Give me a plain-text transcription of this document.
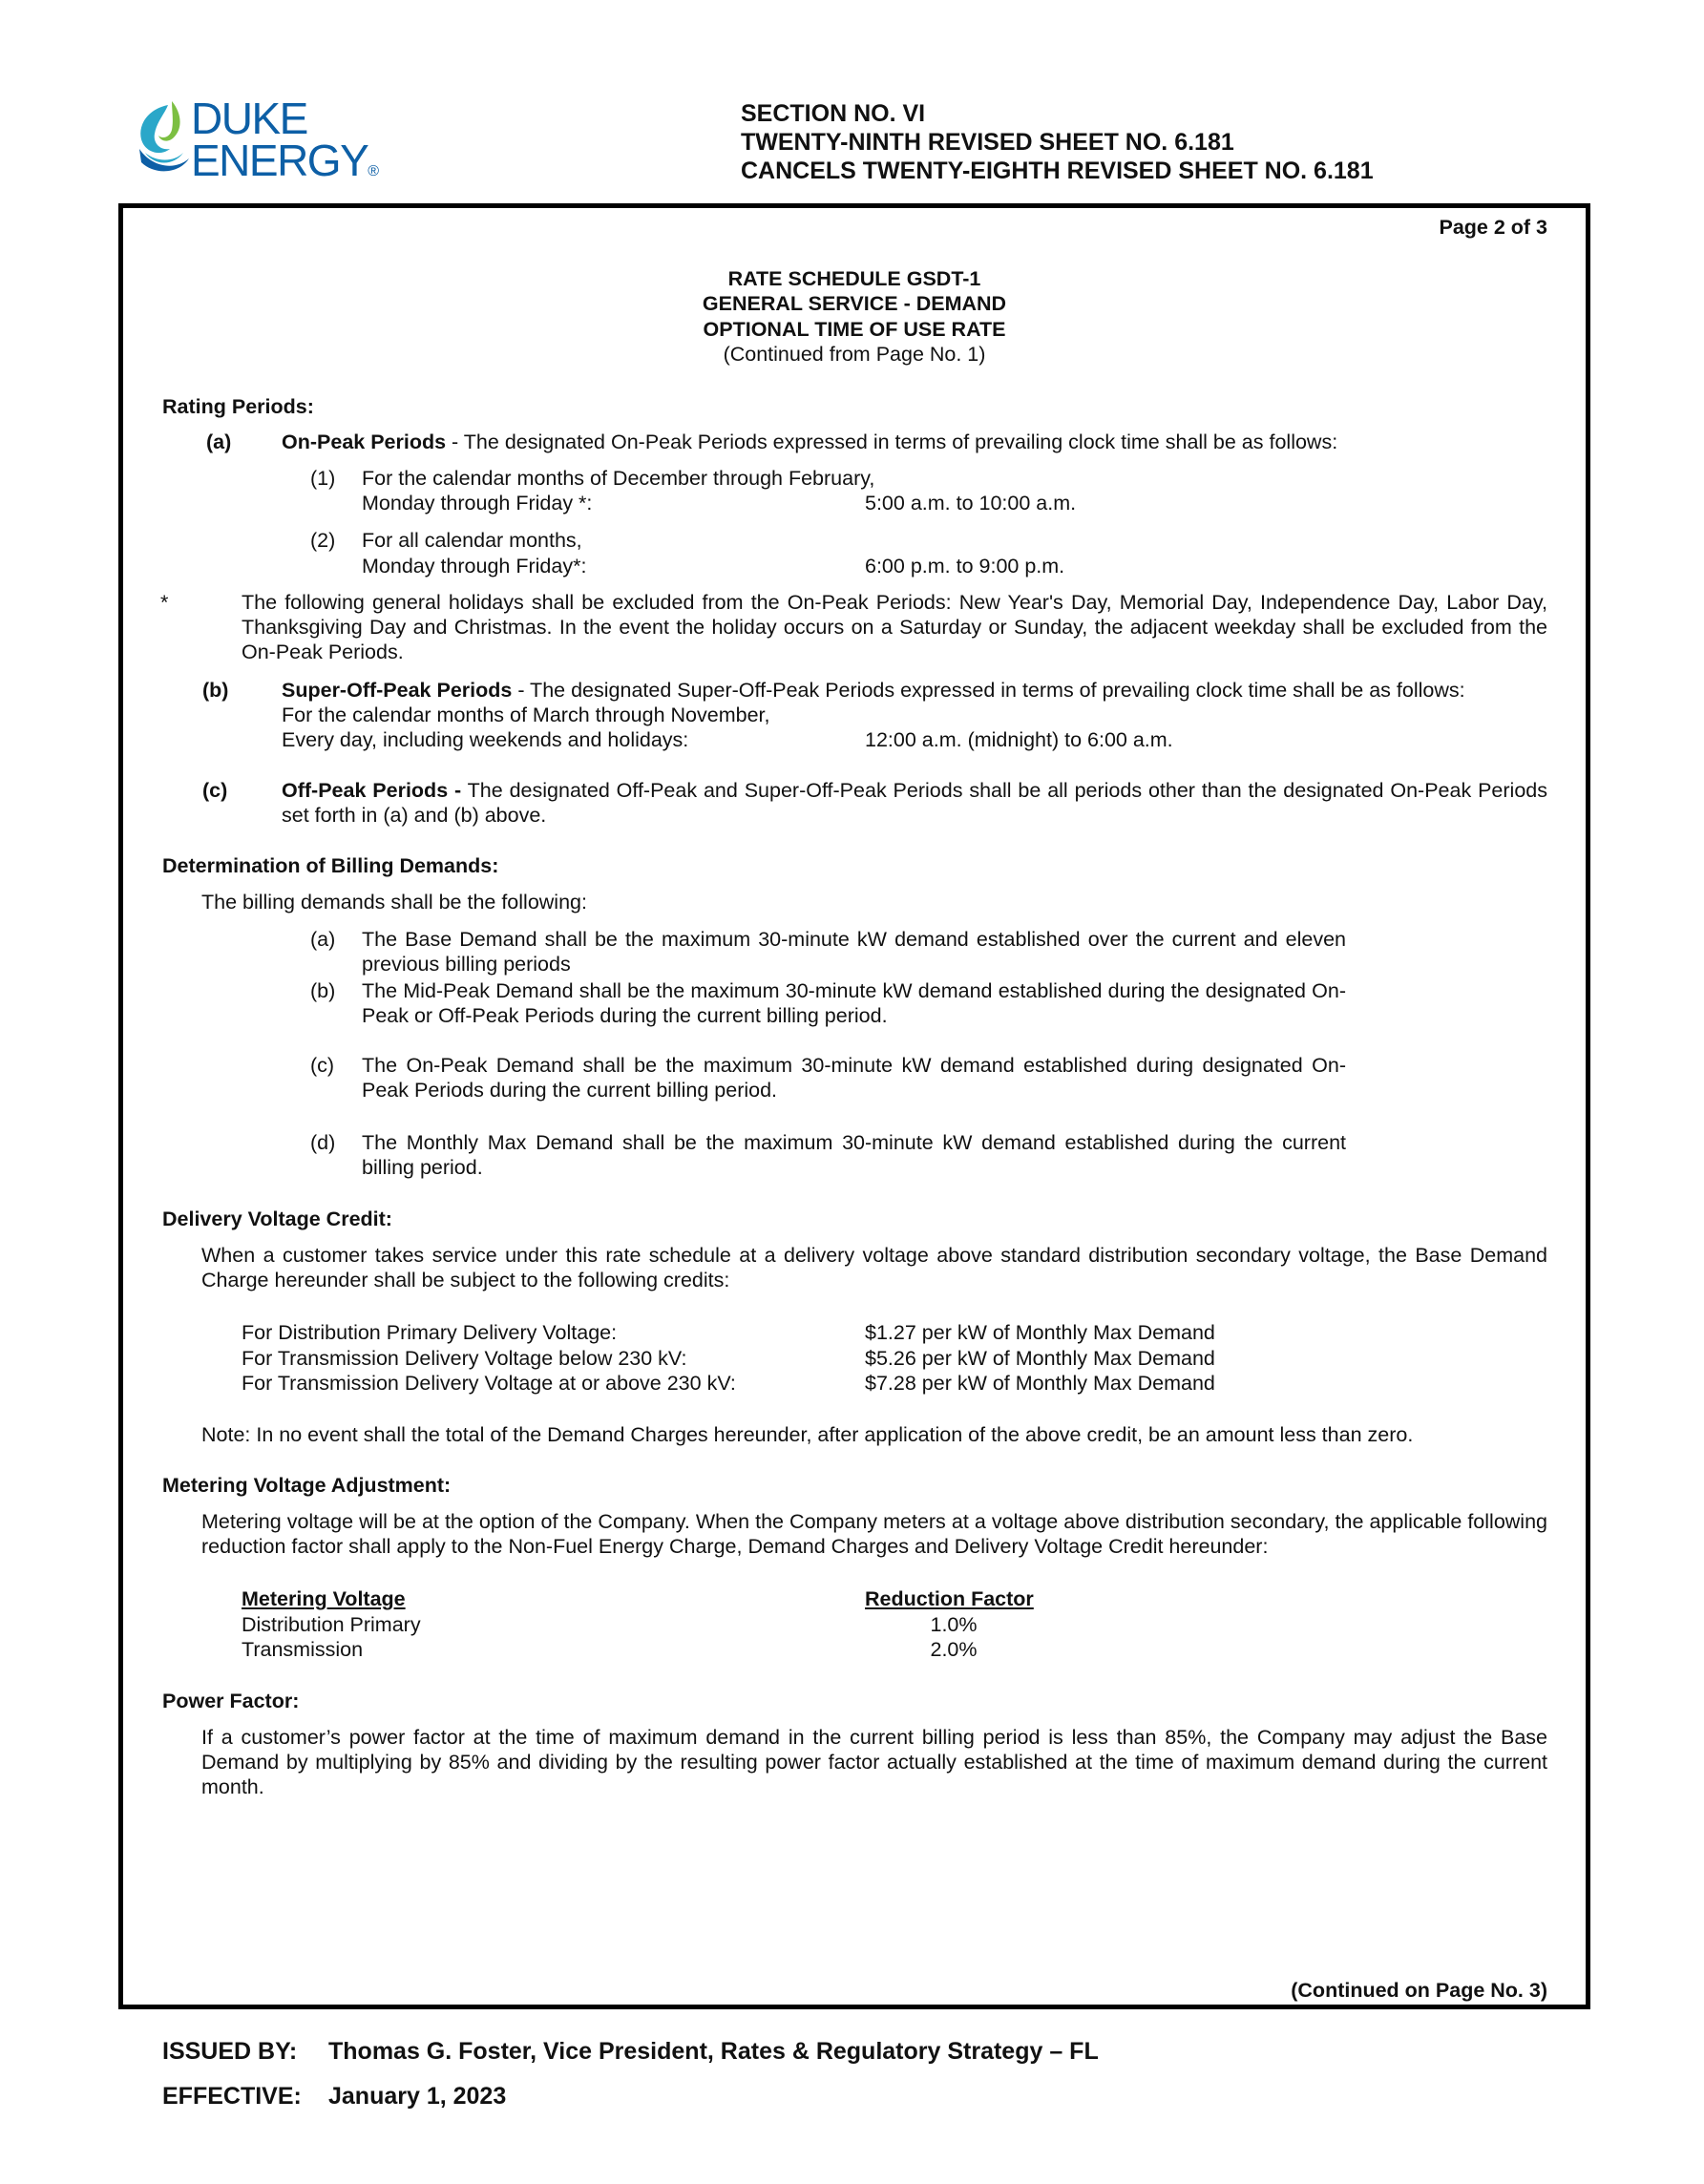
DUKE
ENERGY®
SECTION NO. VI
TWENTY-NINTH REVISED SHEET NO. 6.181
CANCELS TWENTY-EIGHTH REVISED SHEET NO. 6.181
Page 2 of 3
RATE SCHEDULE GSDT-1
GENERAL SERVICE - DEMAND
OPTIONAL TIME OF USE RATE
(Continued from Page No. 1)
Rating Periods:
(a) On-Peak Periods - The designated On-Peak Periods expressed in terms of prevailing clock time shall be as follows:
(1) For the calendar months of December through February,
Monday through Friday *:	5:00 a.m. to 10:00 a.m.
(2) For all calendar months,
Monday through Friday*:	6:00 p.m. to 9:00 p.m.
*	The following general holidays shall be excluded from the On-Peak Periods: New Year's Day, Memorial Day, Independence Day, Labor Day, Thanksgiving Day and Christmas. In the event the holiday occurs on a Saturday or Sunday, the adjacent weekday shall be excluded from the On-Peak Periods.
(b)	Super-Off-Peak Periods - The designated Super-Off-Peak Periods expressed in terms of prevailing clock time shall be as follows:
For the calendar months of March through November,
Every day, including weekends and holidays:	12:00 a.m. (midnight) to 6:00 a.m.
(c)	Off-Peak Periods - The designated Off-Peak and Super-Off-Peak Periods shall be all periods other than the designated On-Peak Periods set forth in (a) and (b) above.
Determination of Billing Demands:
The billing demands shall be the following:
(a) The Base Demand shall be the maximum 30-minute kW demand established over the current and eleven previous billing periods
(b) The Mid-Peak Demand shall be the maximum 30-minute kW demand established during the designated On-Peak or Off-Peak Periods during the current billing period.
(c) The On-Peak Demand shall be the maximum 30-minute kW demand established during designated On-Peak Periods during the current billing period.
(d) The Monthly Max Demand shall be the maximum 30-minute kW demand established during the current billing period.
Delivery Voltage Credit:
When a customer takes service under this rate schedule at a delivery voltage above standard distribution secondary voltage, the Base Demand Charge hereunder shall be subject to the following credits:
For Distribution Primary Delivery Voltage:	$1.27 per kW of Monthly Max Demand
For Transmission Delivery Voltage below 230 kV:	$5.26 per kW of Monthly Max Demand
For Transmission Delivery Voltage at or above 230 kV:	$7.28 per kW of Monthly Max Demand
Note: In no event shall the total of the Demand Charges hereunder, after application of the above credit, be an amount less than zero.
Metering Voltage Adjustment:
Metering voltage will be at the option of the Company. When the Company meters at a voltage above distribution secondary, the applicable following reduction factor shall apply to the Non-Fuel Energy Charge, Demand Charges and Delivery Voltage Credit hereunder:
Metering Voltage	Reduction Factor
Distribution Primary	1.0%
Transmission	2.0%
Power Factor:
If a customer’s power factor at the time of maximum demand in the current billing period is less than 85%, the Company may adjust the Base Demand by multiplying by 85% and dividing by the resulting power factor actually established at the time of maximum demand during the current month.
(Continued on Page No. 3)
ISSUED BY: Thomas G. Foster, Vice President, Rates & Regulatory Strategy – FL
EFFECTIVE: January 1, 2023
